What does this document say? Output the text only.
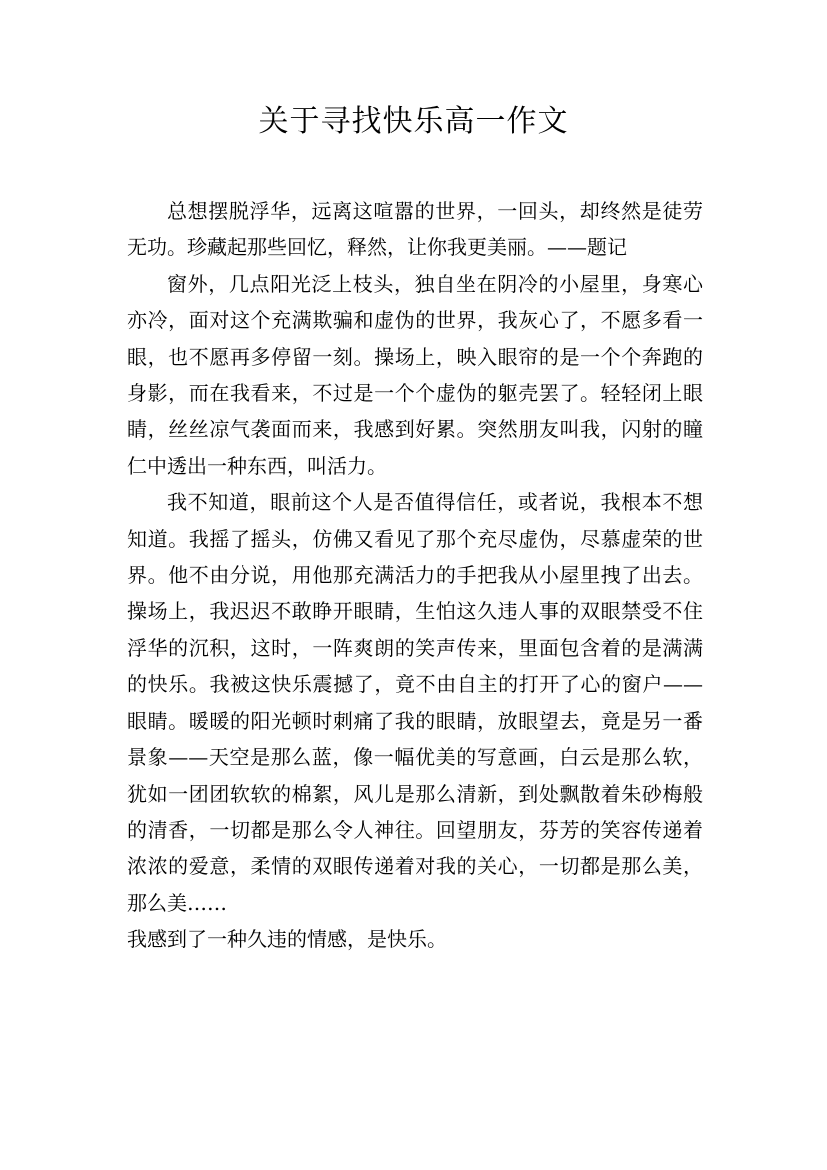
关于寻找快乐高一作文

总想摆脱浮华，远离这喧嚣的世界，一回头，却终然是徒劳无功。珍藏起那些回忆，释然，让你我更美丽。——题记

窗外，几点阳光泛上枝头，独自坐在阴冷的小屋里，身寒心亦冷，面对这个充满欺骗和虚伪的世界，我灰心了，不愿多看一眼，也不愿再多停留一刻。操场上，映入眼帘的是一个个奔跑的身影，而在我看来，不过是一个个虚伪的躯壳罢了。轻轻闭上眼睛，丝丝凉气袭面而来，我感到好累。突然朋友叫我，闪射的瞳仁中透出一种东西，叫活力。

我不知道，眼前这个人是否值得信任，或者说，我根本不想知道。我摇了摇头，仿佛又看见了那个充尽虚伪，尽慕虚荣的世界。他不由分说，用他那充满活力的手把我从小屋里拽了出去。操场上，我迟迟不敢睁开眼睛，生怕这久违人事的双眼禁受不住浮华的沉积，这时，一阵爽朗的笑声传来，里面包含着的是满满的快乐。我被这快乐震撼了，竟不由自主的打开了心的窗户——眼睛。暖暖的阳光顿时刺痛了我的眼睛，放眼望去，竟是另一番景象——天空是那么蓝，像一幅优美的写意画，白云是那么软，犹如一团团软软的棉絮，风儿是那么清新，到处飘散着朱砂梅般的清香，一切都是那么令人神往。回望朋友，芬芳的笑容传递着浓浓的爱意，柔情的双眼传递着对我的关心，一切都是那么美，那么美……

我感到了一种久违的情感，是快乐。
